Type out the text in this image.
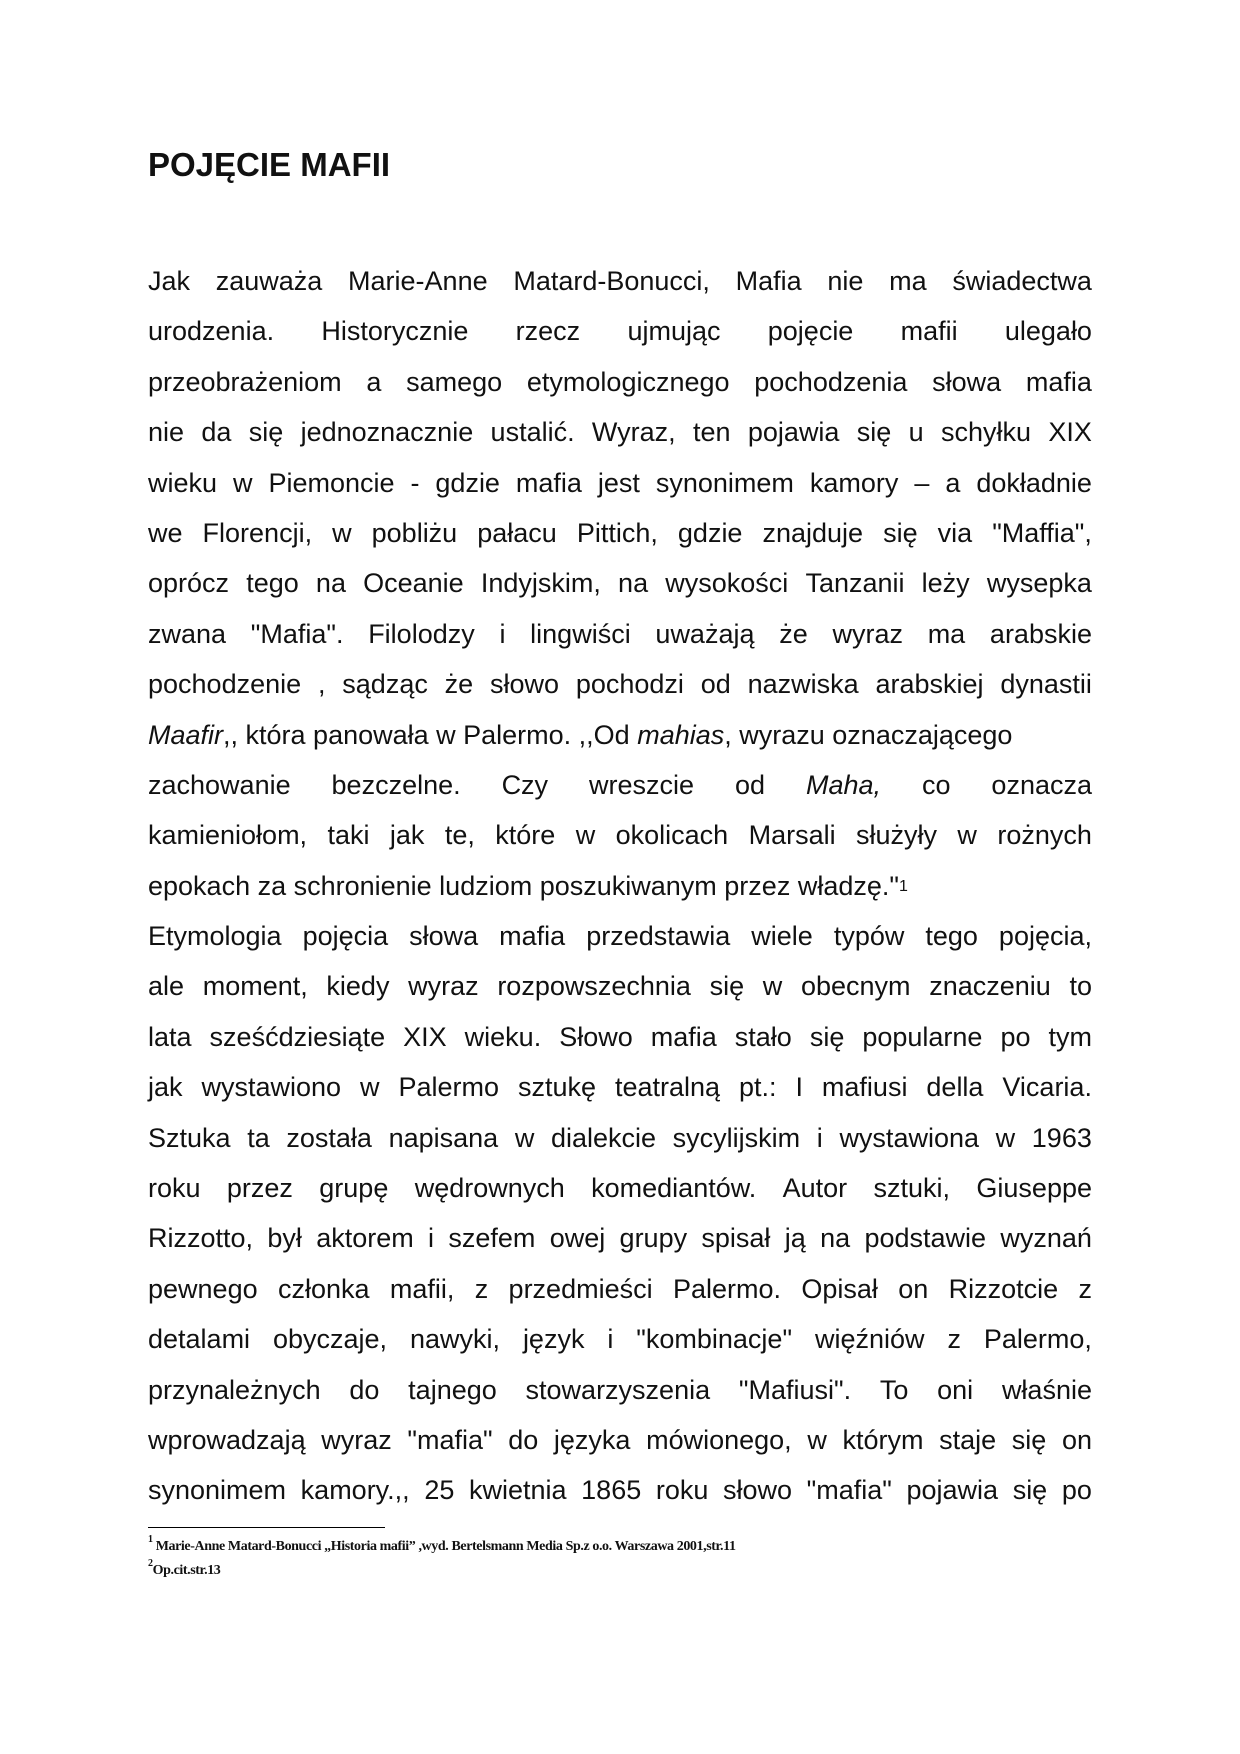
POJĘCIE MAFII
Jak zauważa Marie-Anne Matard-Bonucci, Mafia nie ma świadectwa
urodzenia. Historycznie rzecz ujmując pojęcie mafii ulegało
przeobrażeniom a samego etymologicznego pochodzenia słowa mafia
nie da się jednoznacznie ustalić. Wyraz, ten pojawia się u schyłku XIX
wieku w Piemoncie - gdzie mafia jest synonimem kamory – a dokładnie
we Florencji, w pobliżu pałacu Pittich, gdzie znajduje się via "Maffia",
oprócz tego na Oceanie Indyjskim, na wysokości Tanzanii leży wysepka
zwana "Mafia". Filolodzy i lingwiści uważają że wyraz ma arabskie
pochodzenie , sądząc że słowo pochodzi od nazwiska arabskiej dynastii
Maafir ,, która panowała w Palermo. ,,Od mahias , wyrazu oznaczającego
zachowanie bezczelne. Czy wreszcie od Maha, co oznacza
kamieniołom, taki jak te, które w okolicach Marsali służyły w rożnych
epokach za schronienie ludziom poszukiwanym przez władzę."$^1$
Etymologia pojęcia słowa mafia przedstawia wiele typów tego pojęcia,
ale moment, kiedy wyraz rozpowszechnia się w obecnym znaczeniu to
lata sześćdziesiąte XIX wieku. Słowo mafia stało się popularne po tym
jak wystawiono w Palermo sztukę teatralną pt.: I mafiusi della Vicaria.
Sztuka ta została napisana w dialekcie sycylijskim i wystawiona w 1963
roku przez grupę wędrownych komediantów. Autor sztuki, Giuseppe
Rizzotto, był aktorem i szefem owej grupy spisał ją na podstawie wyznań
pewnego członka mafii, z przedmieści Palermo. Opisał on Rizzotcie z
detalami obyczaje, nawyki, język i "kombinacje" więźniów z Palermo,
przynależnych do tajnego stowarzyszenia "Mafiusi". To oni właśnie
wprowadzają wyraz "mafia" do języka mówionego, w którym staje się on
synonimem kamory.,, 25 kwietnia 1865 roku słowo "mafia" pojawia się po
$^1$ Marie-Anne Matard-Bonucci „Historia mafii” ,wyd. Bertelsmann Media Sp.z o.o. Warszawa 2001,str.11
$^2$Op.cit.str.13
